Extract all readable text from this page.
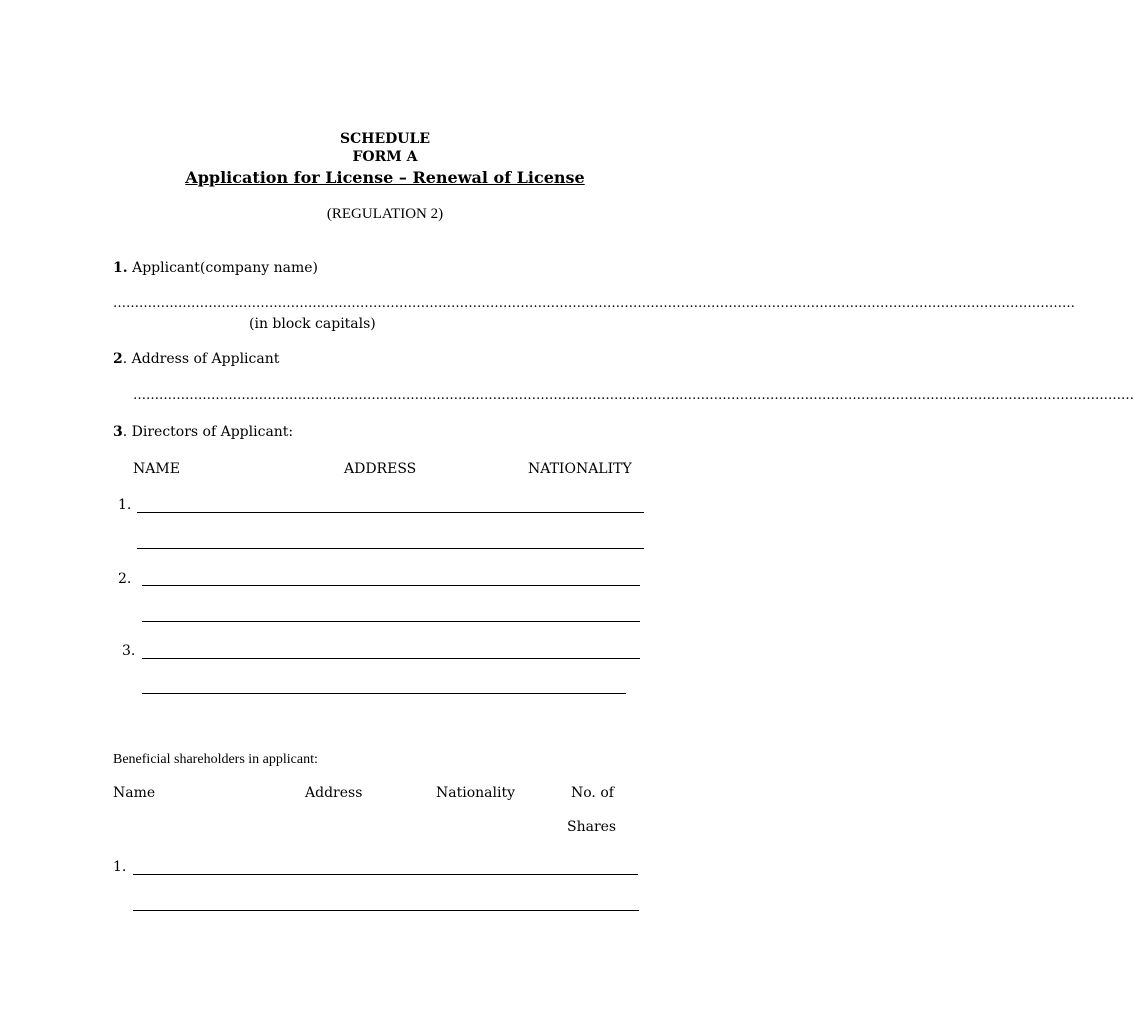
SCHEDULE
FORM A
Application for License – Renewal of License
(REGULATION 2)
1. Applicant(company name)
……………………………………………………………………………………………………………………………………………………………………………………………………
(in block capitals)
2. Address of Applicant
……………………………………………………………………………………………………………………………………………………………………………………………………………
3. Directors of Applicant:
NAME	ADDRESS	NATIONALITY
1.
2.
3.
Beneficial shareholders in applicant:
Name	Address	Nationality	No. of
Shares
1.
